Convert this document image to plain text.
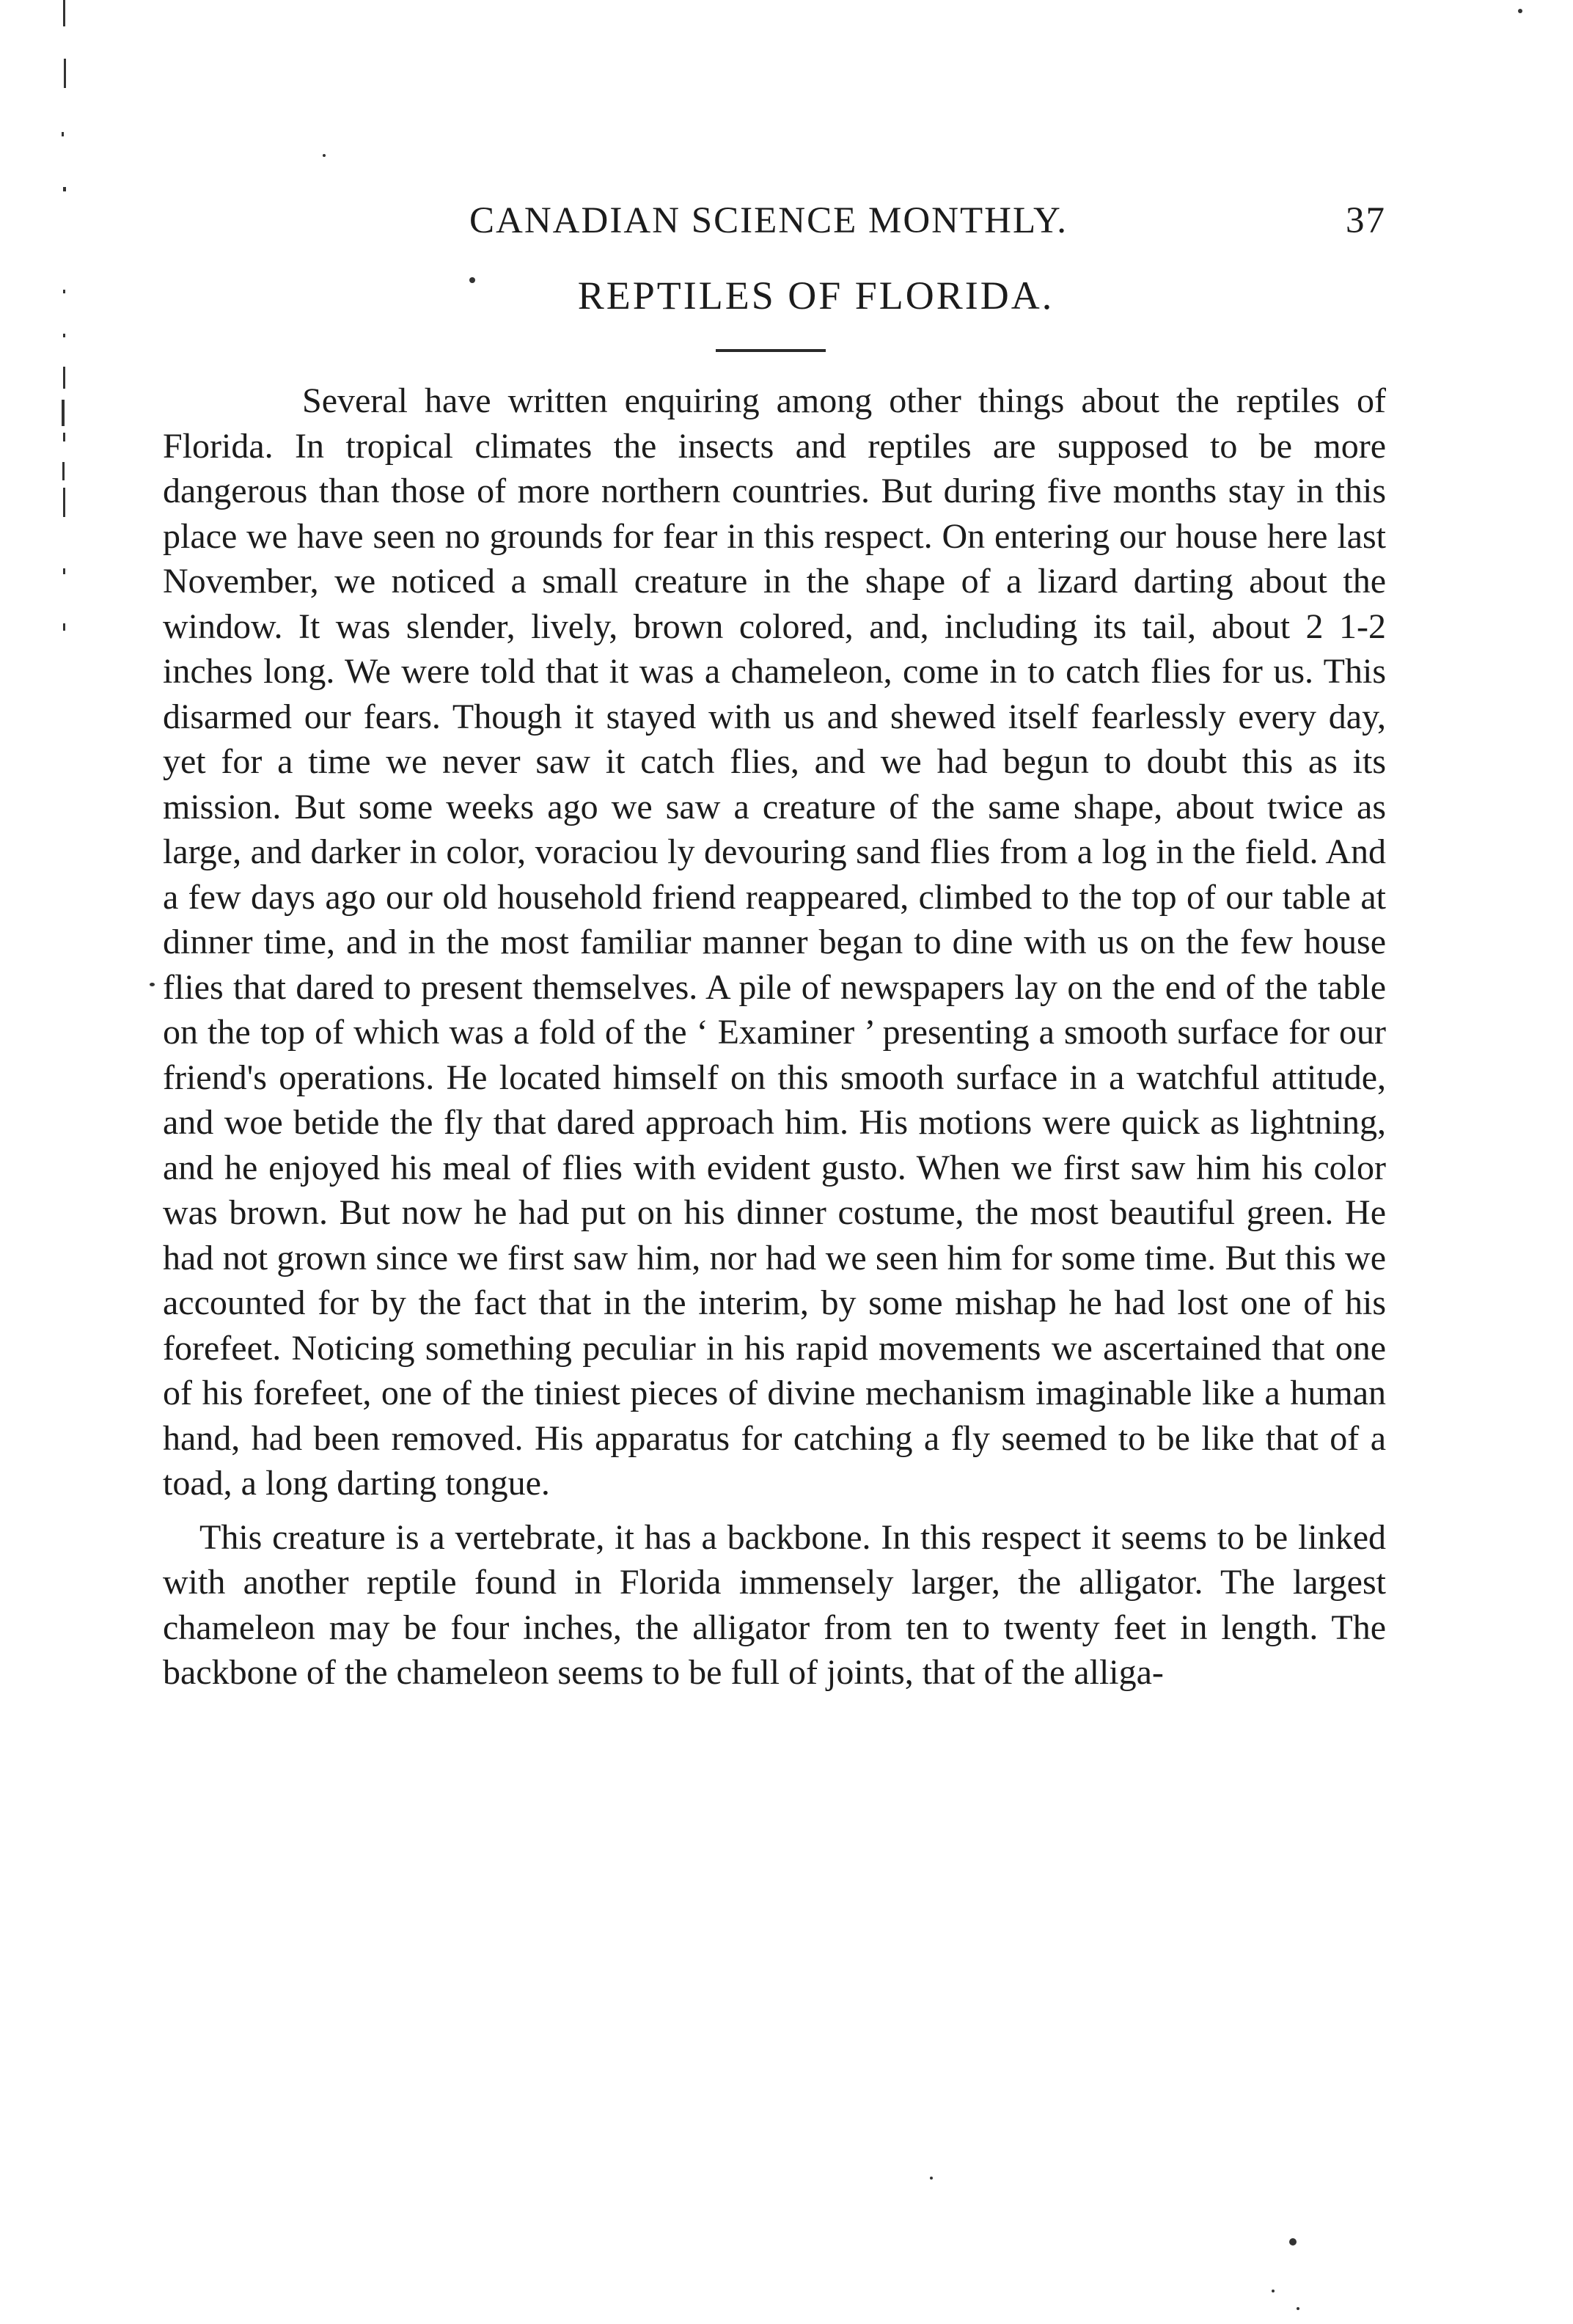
CANADIAN SCIENCE MONTHLY.	37
REPTILES OF FLORIDA.

Several have written enquiring among other things about the reptiles of Florida. In tropical climates the insects and reptiles are supposed to be more dangerous than those of more northern countries. But during five months stay in this place we have seen no grounds for fear in this respect. On entering our house here last November, we noticed a small creature in the shape of a lizard darting about the window. It was slender, lively, brown colored, and, including its tail, about 2 1-2 inches long. We were told that it was a chameleon, come in to catch flies for us. This disarmed our fears. Though it stayed with us and shewed itself fearlessly every day, yet for a time we never saw it catch flies, and we had begun to doubt this as its mission. But some weeks ago we saw a creature of the same shape, about twice as large, and darker in color, voraciou ly devouring sand flies from a log in the field. And a few days ago our old household friend reappeared, climbed to the top of our table at dinner time, and in the most familiar manner began to dine with us on the few house flies that dared to present themselves. A pile of newspapers lay on the end of the table on the top of which was a fold of the ‘ Examiner ’ presenting a smooth surface for our friend's operations. He located himself on this smooth surface in a watchful attitude, and woe betide the fly that dared approach him. His motions were quick as lightning, and he enjoyed his meal of flies with evident gusto. When we first saw him his color was brown. But now he had put on his dinner costume, the most beautiful green. He had not grown since we first saw him, nor had we seen him for some time. But this we accounted for by the fact that in the interim, by some mishap he had lost one of his forefeet. Noticing something peculiar in his rapid movements we ascertained that one of his forefeet, one of the tiniest pieces of divine mechanism imaginable like a human hand, had been removed. His apparatus for catching a fly seemed to be like that of a toad, a long darting tongue.

This creature is a vertebrate, it has a backbone. In this respect it seems to be linked with another reptile found in Florida immensely larger, the alligator. The largest chameleon may be four inches, the alligator from ten to twenty feet in length. The backbone of the chameleon seems to be full of joints, that of the alliga-
